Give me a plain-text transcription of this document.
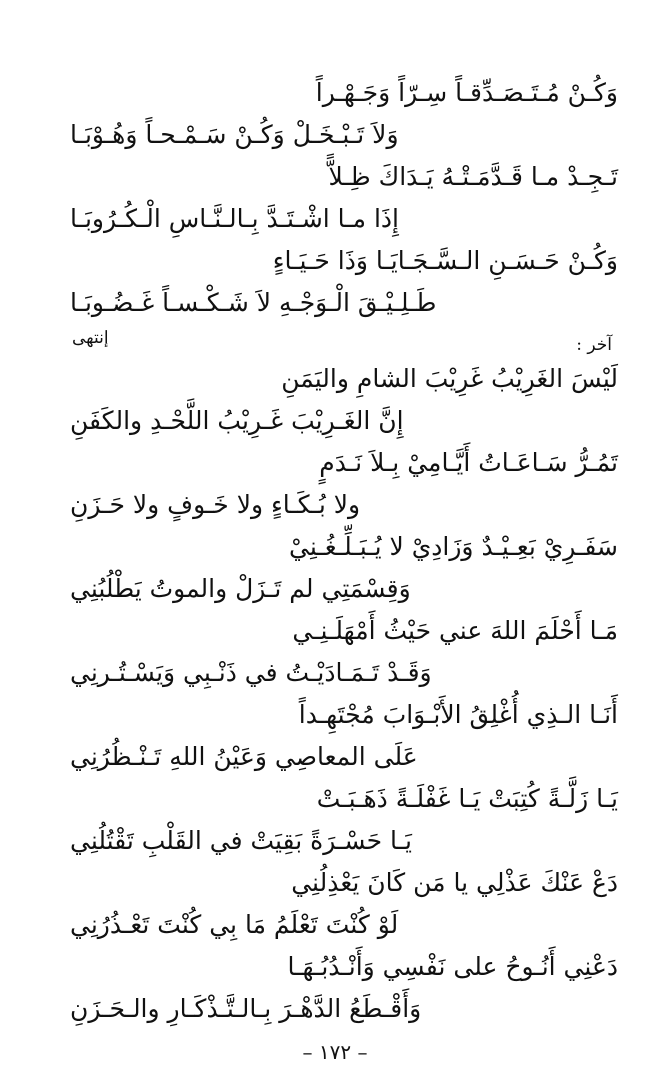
وَكُـنْ مُـتَـصَـدِّقـاً سِـرّاً وَجَـهْـراً
وَلاَ تَـبْـخَـلْ وَكُـنْ سَـمْـحـاً وَهُـوْبَـا
تَـجِـدْ مـا قَـدَّمَـتْـهُ يَـدَاكَ ظِـلاًّ
إِذَا مـا اشْـتَـدَّ بِـالـنَّـاسِ الْـكُـرُوبَـا
وَكُـنْ حَـسَـنِ الـسَّـجَـايَـا وَذَا حَـيَـاءٍ
طَـلِـيْـقَ الْـوَجْـهِ لاَ شَـكْـسـاً غَـضُـوبَـا
إنتهى	آخر :
لَيْسَ الغَرِيْبُ غَرِيْبَ الشامِ واليَمَنِ
إِنَّ الغَـرِيْبَ غَـرِيْبُ اللَّحْـدِ والكَفَنِ
تَمُـرُّ سَـاعَـاتُ أَيَّـامِيْ بِـلاَ نَـدَمٍ
ولا بُـكَـاءٍ ولا خَـوفٍ ولا حَـزَنِ
سَفَـرِيْ بَعِـيْـدٌ وَزَادِيْ لا يُـبَـلِّـغُـنِيْ
وَقِسْمَتِي لم تَـزَلْ والموتُ يَطْلُبُنِي
مَـا أَحْلَمَ اللهَ عني حَيْثُ أَمْهَلَـنِـي
وَقَـدْ تَـمَـادَيْـتُ في ذَنْـبِي وَيَسْـتُـرنِي
أَنَـا الـذِي أُغْلِقُ الأَبْـوَابَ مُجْتَهِـداً
عَلَى المعاصِي وَعَيْنُ اللهِ تَـنْـظُرُنِي
يَـا زَلَّـةً كُتِبَتْ يَـا غَفْلَـةً ذَهَـبَـتْ
يَـا حَسْـرَةً بَقِيَتْ في القَلْبِ تَقْتُلُنِي
دَعْ عَنْكَ عَذْلِي يا مَن كَانَ يَعْذِلُنِي
لَوْ كُنْتَ تَعْلَمُ مَا بِي كُنْتَ تَعْـذُرُنِي
دَعْنِي أَنُـوحُ على نَفْسِي وَأَنْـدُبُـهَـا
وَأَقْـطَعُ الدَّهْـرَ بِـالـتَّـذْكَـارِ والـحَـزَنِ
– ١٧٢ –
